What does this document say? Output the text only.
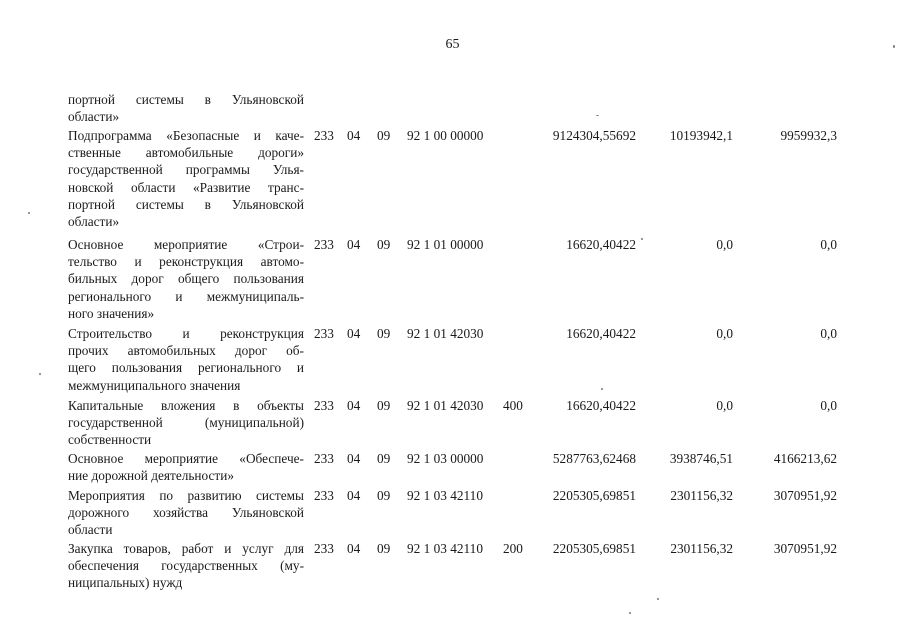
65
портной системы в Ульяновской
области»
Подпрограмма «Безопасные и каче-
ственные автомобильные дороги»
государственной программы Улья-
новской области «Развитие транс-
портной системы в Ульяновской
области»
233 04 09 92 1 00 00000	9124304,55692	10193942,1	9959932,3
Основное мероприятие «Строи-
тельство и реконструкция автомо-
бильных дорог общего пользования
регионального и межмуниципаль-
ного значения»
233 04 09 92 1 01 00000	16620,40422	0,0	0,0
Строительство и реконструкция
прочих автомобильных дорог об-
щего пользования регионального и
межмуниципального значения
233 04 09 92 1 01 42030	16620,40422	0,0	0,0
Капитальные вложения в объекты
государственной (муниципальной)
собственности
233 04 09 92 1 01 42030 400	16620,40422	0,0	0,0
Основное мероприятие «Обеспече-
ние дорожной деятельности»
233 04 09 92 1 03 00000	5287763,62468	3938746,51	4166213,62
Мероприятия по развитию системы
дорожного хозяйства Ульяновской
области
233 04 09 92 1 03 42110	2205305,69851	2301156,32	3070951,92
Закупка товаров, работ и услуг для
обеспечения государственных (му-
ниципальных) нужд
233 04 09 92 1 03 42110 200	2205305,69851	2301156,32	3070951,92
